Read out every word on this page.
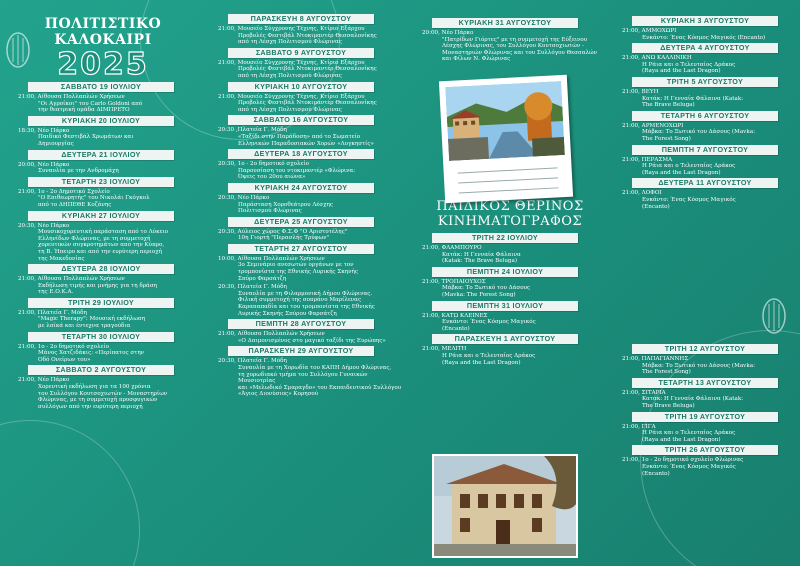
ΠΟΛΙΤΙΣΤΙΚΟ
ΚΑΛΟΚΑΙΡΙ
2025
ΣΑΒΒΑΤΟ 19 ΙΟΥΛΙΟΥ
21:00, Αίθουσα Πολλαπλών Χρήσεων
"Οι Αγροίκοι" του Carlo Goldoni από
την θεατρική ομάδα ΔΙΜΠΡΕΤΟ
ΚΥΡΙΑΚΗ 20 ΙΟΥΛΙΟΥ
18:30, Νέο Πάρκο
Παιδικό Φεστιβάλ Χρωμάτων και
Δημιουργίας
ΔΕΥΤΕΡΑ 21 ΙΟΥΛΙΟΥ
20:00, Νέο Πάρκο
Συναυλία με την Ανδρομάχη
ΤΕΤΑΡΤΗ 23 ΙΟΥΛΙΟΥ
21:00, 1ο - 2ο Δημοτικό Σχολείο
"Ο Επιθεωρητής" του Νικολάι Γκόγκολ
από το ΔΗΠΕΘΕ Κοζάνης
ΚΥΡΙΑΚΗ 27 ΙΟΥΛΙΟΥ
20:30, Νέο Πάρκο
Μουσικοχορευτική παράσταση από το Λύκειο
Ελληνίδων Φλώρινας, με τη συμμετοχή
χορευτικών συγκροτημάτων από την Κύπρο,
τη Β. Ήπειρο και από την ευρύτερη περιοχή
της Μακεδονίας
ΔΕΥΤΕΡΑ 28 ΙΟΥΛΙΟΥ
21:00, Αίθουσα Πολλαπλών Χρήσεων
Εκδήλωση τιμής και μνήμης για τη δράση
της Ε.Ο.Κ.Α.
ΤΡΙΤΗ 29 ΙΟΥΛΙΟΥ
21:00, Πλατεία Γ. Μόδη
"Magic Therapy": Μουσική εκδήλωση
με λαϊκά και έντεχνα τραγούδια
ΤΕΤΑΡΤΗ 30 ΙΟΥΛΙΟΥ
21:00, 1ο - 2ο δημοτικό σχολείο
Μάνος Χατζιδάκις: «Περίπατος στην
Οδό Ονείρων του»
ΣΑΒΒΑΤΟ 2 ΑΥΓΟΥΣΤΟΥ
21:00, Νέο Πάρκο
Χορευτική εκδήλωση για τα 100 χρόνια
του Συλλόγου Κουτσοχιωτών - Μοναστηρίων
Φλώρινας, με τη συμμετοχή προσφυγικών
συλλόγων από την ευρύτερη περιοχή
ΠΑΡΑΣΚΕΥΗ 8 ΑΥΓΟΥΣΤΟΥ
21:00, Μουσείο Σύγχρονης Τέχνης, Κτίριο Εξάρχου
Προβολές Φεστιβάλ Ντοκιμαντέρ Θεσσαλονίκης
από τη Λέσχη Πολιτισμού Φλώρινας
ΣΑΒΒΑΤΟ 9 ΑΥΓΟΥΣΤΟΥ
21:00, Μουσείο Σύγχρονης Τέχνης, Κτίριο Εξάρχου
Προβολές Φεστιβάλ Ντοκιμαντέρ Θεσσαλονίκης
από τη Λέσχη Πολιτισμού Φλώρινας
ΚΥΡΙΑΚΗ 10 ΑΥΓΟΥΣΤΟΥ
21:00, Μουσείο Σύγχρονης Τέχνης, Κτίριο Εξάρχου
Προβολές Φεστιβάλ Ντοκιμαντέρ Θεσσαλονίκης
από τη Λέσχη Πολιτισμού Φλώρινας
ΣΑΒΒΑΤΟ 16 ΑΥΓΟΥΣΤΟΥ
20:30 ,Πλατεία Γ. Μόδη
«Ταξίδι στην Παράδοση» από το Σωματείο
Ελληνικών Παραδοσιακών Χορών «Λυγκηστίς»
ΔΕΥΤΕΡΑ 18 ΑΥΓΟΥΣΤΟΥ
20:30, 1ο - 2ο δημοτικό σχολείο
Παρουσίαση του ντοκιμαντέρ «Φλώρινα:
Όψεις του 20ου αιώνα»
ΚΥΡΙΑΚΗ 24 ΑΥΓΟΥΣΤΟΥ
20:30, Νέο Πάρκο
Παράσταση Χοροθεάτρου Λέσχης
Πολιτισμού Φλώρινας
ΔΕΥΤΕΡΑ 25 ΑΥΓΟΥΣΤΟΥ
20:30, Αύλειος χώρος Φ.Σ.Φ "Ο Αριστοτέλης"
10η Γιορτή "Περασλής Τρύφων"
ΤΕΤΑΡΤΗ 27 ΑΥΓΟΥΣΤΟΥ
10:00, Αίθουσα Πολλαπλών Χρήσεων
3ο Σεμινάριο ανεσωτών οργάνων με τον
τρομπονίστα της Εθνικής Λυρικής Σκηνής
Σπύρο Φαρσάτζη
20:30, Πλατεία Γ. Μόδη
Συναυλία με τη Φιλαρμονική Δήμου Φλώρινας.
Φιλική συμμετοχή της σοπράνο Μαρίλενας
Καραπαπαδία και του τρομπονίστα της Εθνικής
Λυρικής Σκηνής Σπύρου Φαρσάτζη
ΠΕΜΠΤΗ 28 ΑΥΓΟΥΣΤΟΥ
21:00, Αίθουσα Πολλαπλών Χρήσεων
«Ο Δαιμονισμένος στο μαγικό ταξίδι της Ευρώπης»
ΠΑΡΑΣΚΕΥΗ 29 ΑΥΓΟΥΣΤΟΥ
20:30, Πλατεία Γ. Μόδη
Συναυλία με τη Χορωδία του ΚΑΠΗ Δήμου Φλώρινας,
τη χορωδιακό τμήμα του Συλλόγου Γυναικών Μουσιοτρίας
και «Μελωδικό Σμαραγδο» του Εκπαιδευτικού Συλλόγου
«Άγιος Διονύσιος» Κορησού
ΚΥΡΙΑΚΗ 31 ΑΥΓΟΥΣΤΟΥ
20:00, Νέο Πάρκο
"Πατρίδων Γιόρτες" με τη συμμετοχή της Εύξεινου
Λέσχης Φλώρινας, του Συλλόγου Κουτσοχιωτών -
Μοναστηριών Φλώρινας και του Συλλόγου Θεσσαλών
και Φίλων Ν. Φλώρινας
ΠΑΙΔΙΚΟΣ ΘΕΡΙΝΟΣ
ΚΙΝΗΜΑΤΟΓΡΑΦΟΣ
ΤΡΙΤΗ 22 ΙΟΥΛΙΟΥ
21:00, ΦΛΑΜΠΟΥΡΟ
Κατάκ: Η Γενναία Φάλαινα
(Katak: The Brave Beluga)
ΠΕΜΠΤΗ 24 ΙΟΥΛΙΟΥ
21:00, ΤΡΟΠΑΙΟΥΧΟΣ
Μάβκα: Το Ξωτικό του Δάσους
(Mavka: The Forest Song)
ΠΕΜΠΤΗ 31 ΙΟΥΛΙΟΥ
21:00, ΚΑΤΩ ΚΛΕΙΝΕΣ
Ενκάντο: Ένας Κόσμος Μαγικός
(Encanto)
ΠΑΡΑΣΚΕΥΗ 1 ΑΥΓΟΥΣΤΟΥ
21:00, ΜΕΛΙΤΗ
Η Ράια και ο Τελευταίος Δράκος
(Raya and the Last Dragon)
ΚΥΡΙΑΚΗ 3 ΑΥΓΟΥΣΤΟΥ
21:00, ΑΜΜΟΧΩΡΙ
Ενκάντο: Ένας Κόσμος Μαγικός (Encanto)
ΔΕΥΤΕΡΑ 4 ΑΥΓΟΥΣΤΟΥ
21:00, ΑΝΩ ΚΑΛΛΙΝΙΚΗ
Η Ράια και ο Τελευταίος Δράκος
(Raya and the Last Dragon)
ΤΡΙΤΗ 5 ΑΥΓΟΥΣΤΟΥ
21:00, ΒΕΥΗ
Κατάκ: Η Γενναία Φάλαινα (Katak:
The Brave Beluga)
ΤΕΤΑΡΤΗ 6 ΑΥΓΟΥΣΤΟΥ
21:00, ΑΡΜΕΝΟΧΩΡΙ
Μάβκα: Το Ξωτικό του Δάσους (Mavka:
The Forest Song)
ΠΕΜΠΤΗ 7 ΑΥΓΟΥΣΤΟΥ
21:00, ΠΕΡΑΣΜΑ
Η Ράια και ο Τελευταίος Δράκος
(Raya and the Last Dragon)
ΔΕΥΤΕΡΑ 11 ΑΥΓΟΥΣΤΟΥ
21:00, ΛΟΦΟΙ
Ενκάντο: Ένας Κόσμος Μαγικός
(Encanto)
ΤΡΙΤΗ 12 ΑΥΓΟΥΣΤΟΥ
21:00, ΠΑΠΑΓΙΑΝΝΗΣ
Μάβκα: Το Ξωτικό του Δάσους (Mavka:
The Forest Song)
ΤΕΤΑΡΤΗ 13 ΑΥΓΟΥΣΤΟΥ
21:00, ΣΙΤΑΡΙΑ
Κατάκ: Η Γενναία Φάλαινα (Katak:
The Brave Beluga)
ΤΡΙΤΗ 19 ΑΥΓΟΥΣΤΟΥ
21:00, ΓΙΓΑ
Η Ράια και ο Τελευταίος Δράκος
(Raya and the Last Dragon)
ΤΡΙΤΗ 26 ΑΥΓΟΥΣΤΟΥ
21:00, 1ο - 2ο δημοτικό σχολείο Φλώρινας
Ενκάντο: Ένας Κόσμος Μαγικός
(Encanto)
